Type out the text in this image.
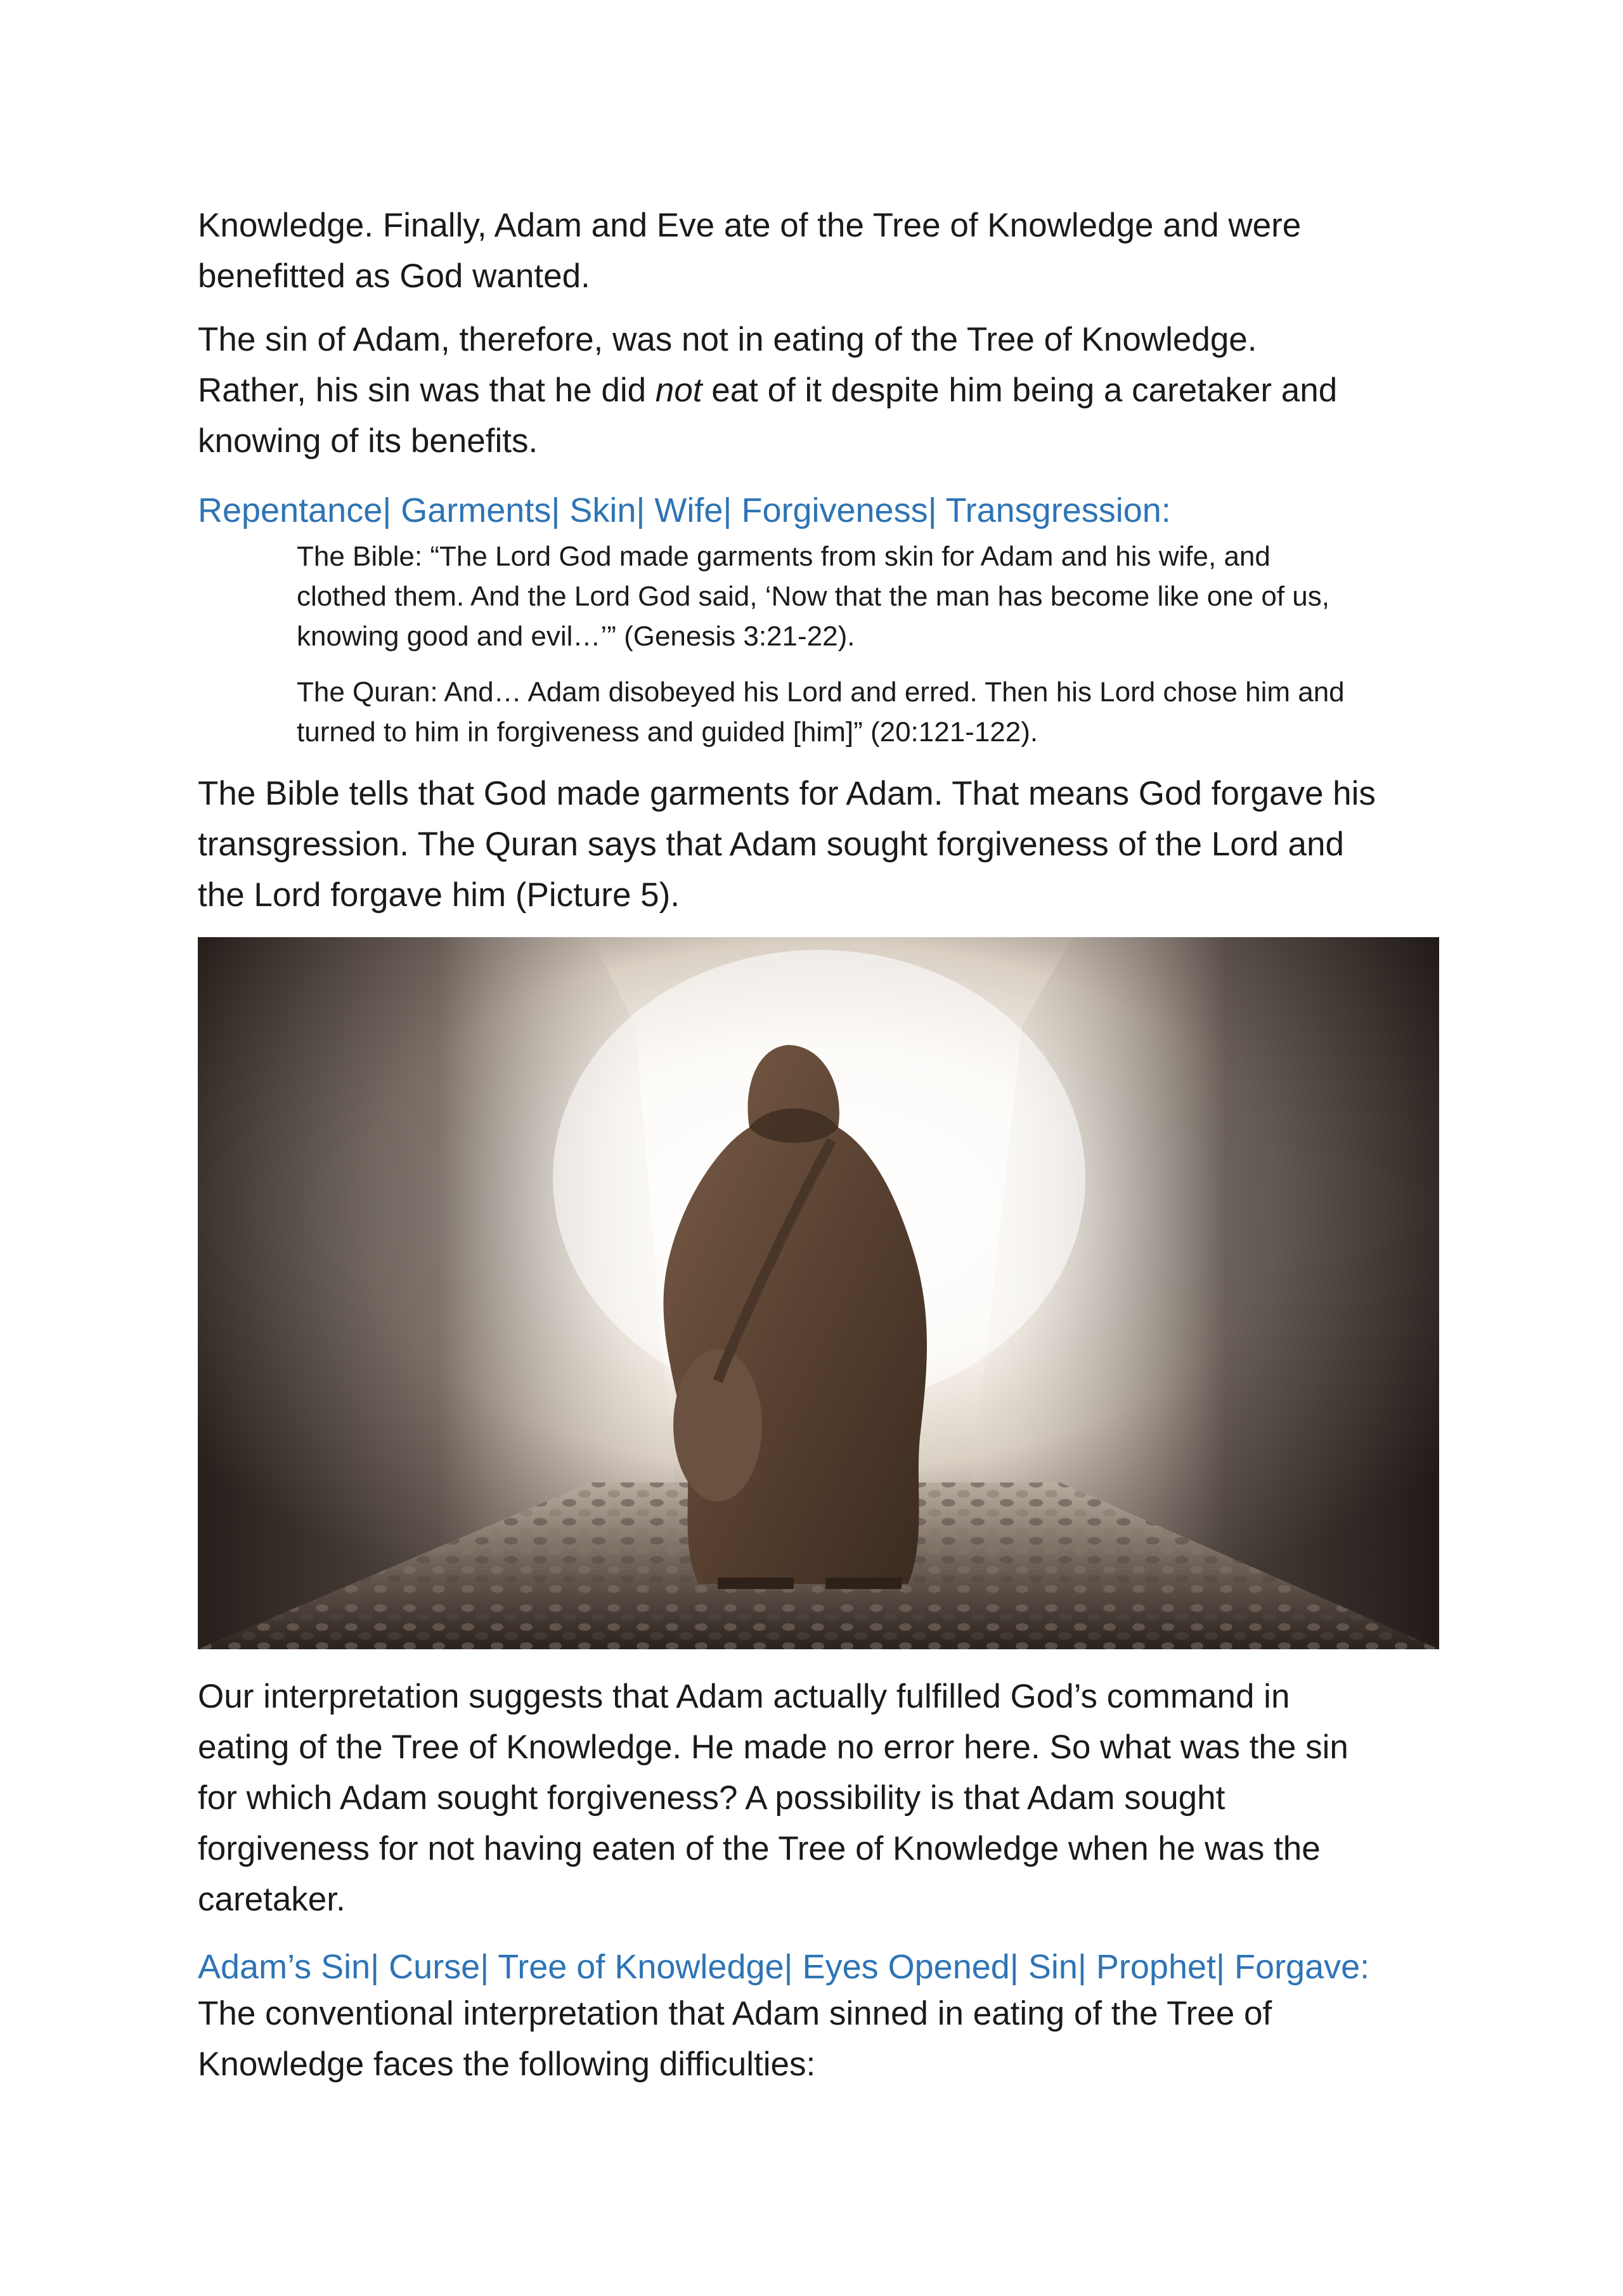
Knowledge. Finally, Adam and Eve ate of the Tree of Knowledge and were
benefitted as God wanted.

The sin of Adam, therefore, was not in eating of the Tree of Knowledge.
Rather, his sin was that he did not eat of it despite him being a caretaker and
knowing of its benefits.

Repentance| Garments| Skin| Wife| Forgiveness| Transgression:

The Bible: “The Lord God made garments from skin for Adam and his wife, and
clothed them. And the Lord God said, ‘Now that the man has become like one of us,
knowing good and evil…’” (Genesis 3:21-22).

The Quran: And… Adam disobeyed his Lord and erred. Then his Lord chose him and
turned to him in forgiveness and guided [him]” (20:121-122).

The Bible tells that God made garments for Adam. That means God forgave his
transgression. The Quran says that Adam sought forgiveness of the Lord and
the Lord forgave him (Picture 5).

Our interpretation suggests that Adam actually fulfilled God’s command in
eating of the Tree of Knowledge. He made no error here. So what was the sin
for which Adam sought forgiveness? A possibility is that Adam sought
forgiveness for not having eaten of the Tree of Knowledge when he was the
caretaker.

Adam’s Sin| Curse| Tree of Knowledge| Eyes Opened| Sin| Prophet| Forgave:

The conventional interpretation that Adam sinned in eating of the Tree of
Knowledge faces the following difficulties:
